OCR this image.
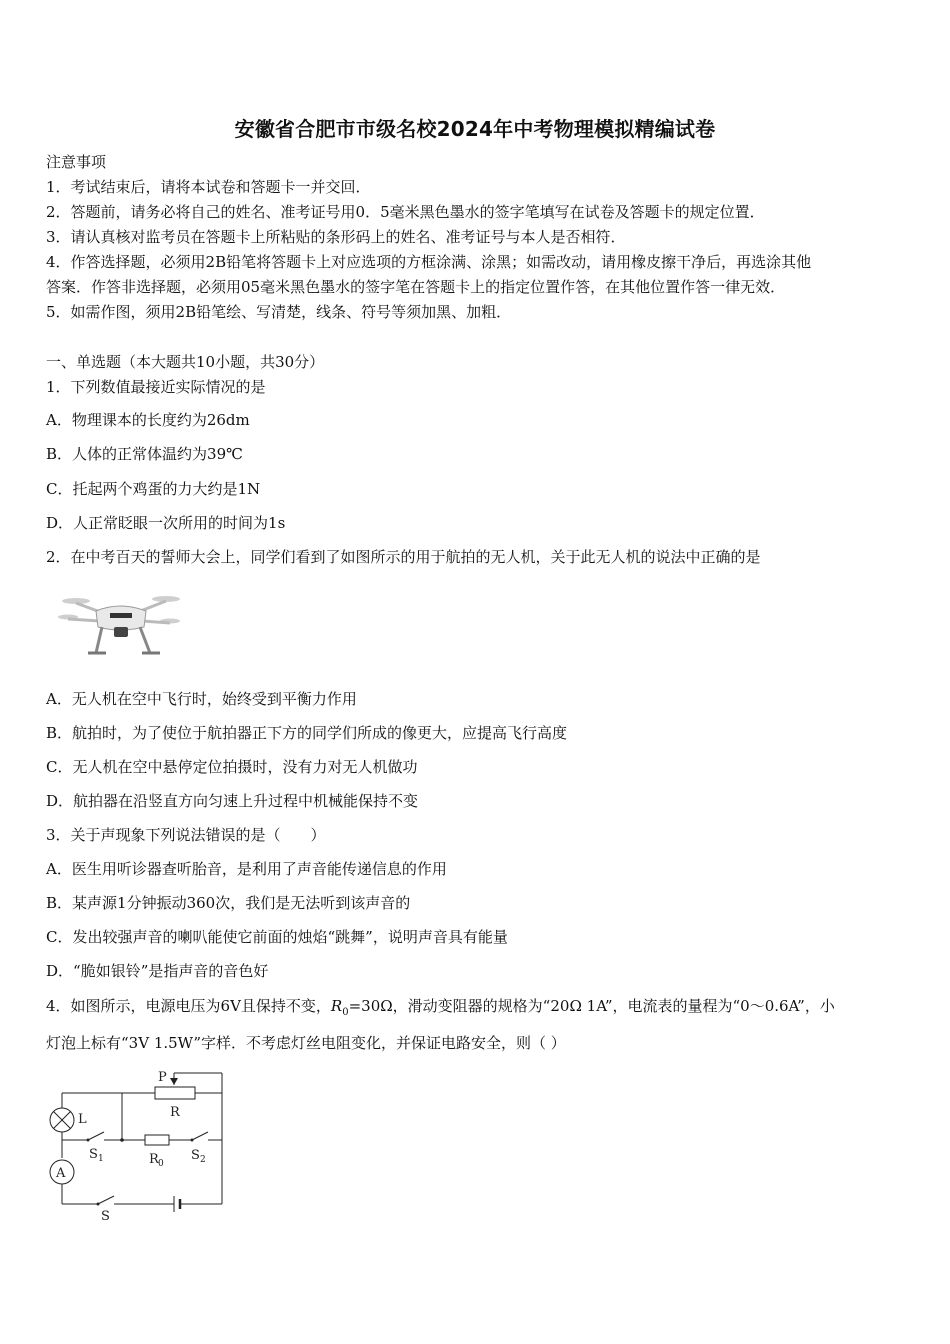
安徽省合肥市市级名校2024年中考物理模拟精编试卷
注意事项
1．考试结束后，请将本试卷和答题卡一并交回．
2．答题前，请务必将自己的姓名、准考证号用0．5毫米黑色墨水的签字笔填写在试卷及答题卡的规定位置．
3．请认真核对监考员在答题卡上所粘贴的条形码上的姓名、准考证号与本人是否相符．
4．作答选择题，必须用2B铅笔将答题卡上对应选项的方框涂满、涂黑；如需改动，请用橡皮擦干净后，再选涂其他
答案．作答非选择题，必须用05毫米黑色墨水的签字笔在答题卡上的指定位置作答，在其他位置作答一律无效．
5．如需作图，须用2B铅笔绘、写清楚，线条、符号等须加黑、加粗．
一、单选题（本大题共10小题，共30分）
1．下列数值最接近实际情况的是
A．物理课本的长度约为26dm
B．人体的正常体温约为39℃
C．托起两个鸡蛋的力大约是1N
D．人正常眨眼一次所用的时间为1s
2．在中考百天的誓师大会上，同学们看到了如图所示的用于航拍的无人机，关于此无人机的说法中正确的是
A．无人机在空中飞行时，始终受到平衡力作用
B．航拍时，为了使位于航拍器正下方的同学们所成的像更大，应提高飞行高度
C．无人机在空中悬停定位拍摄时，没有力对无人机做功
D．航拍器在沿竖直方向匀速上升过程中机械能保持不变
3．关于声现象下列说法错误的是（　　）
A．医生用听诊器查听胎音，是利用了声音能传递信息的作用
B．某声源1分钟振动360次，我们是无法听到该声音的
C．发出较强声音的喇叭能使它前面的烛焰“跳舞”，说明声音具有能量
D．“脆如银铃”是指声音的音色好
4．如图所示，电源电压为6V且保持不变，$R_0=30\Omega$，滑动变阻器的规格为“20Ω 1A”，电流表的量程为“0～0.6A”，小
灯泡上标有“3V 1.5W”字样．不考虑灯丝电阻变化，并保证电路安全，则（ ）
P
R
L
A
S 1	R 0
S 2
S
